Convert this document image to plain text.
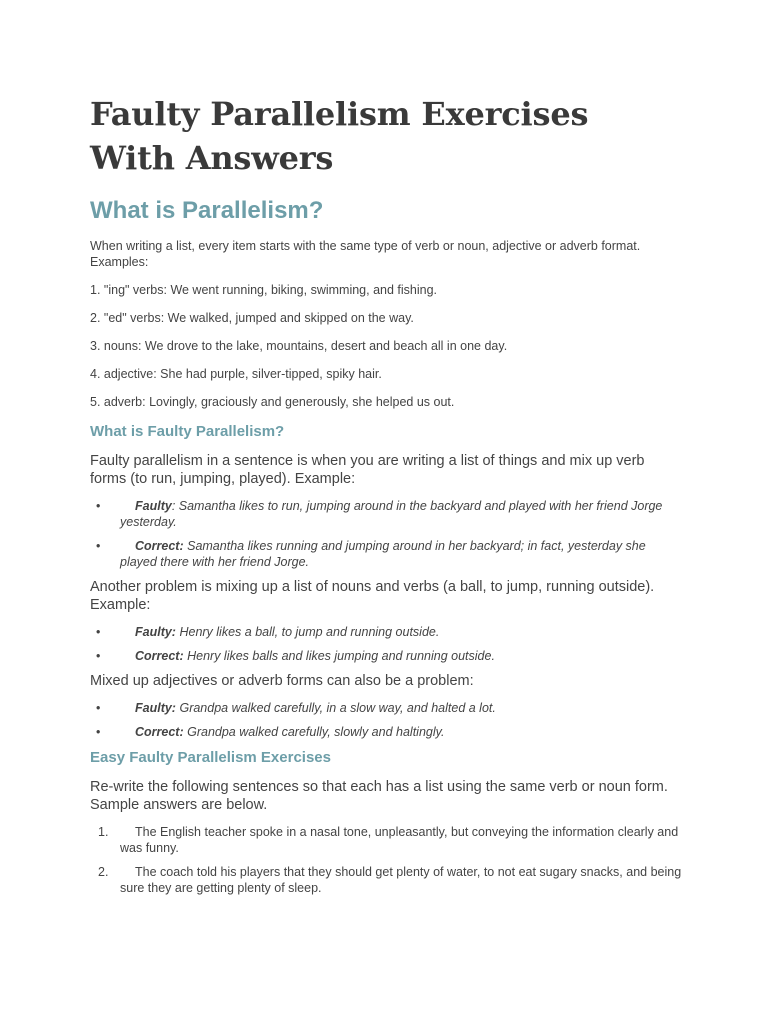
Faulty Parallelism Exercises With Answers
What is Parallelism?

When writing a list, every item starts with the same type of verb or noun, adjective or adverb format. Examples:

1. "ing" verbs: We went running, biking, swimming, and fishing.

2. "ed" verbs: We walked, jumped and skipped on the way.

3. nouns: We drove to the lake, mountains, desert and beach all in one day.

4. adjective: She had purple, silver-tipped, spiky hair.

5. adverb: Lovingly, graciously and generously, she helped us out.

What is Faulty Parallelism?

Faulty parallelism in a sentence is when you are writing a list of things and mix up verb forms (to run, jumping, played). Example:

•	Faulty: Samantha likes to run, jumping around in the backyard and played with her friend Jorge yesterday.
•	Correct: Samantha likes running and jumping around in her backyard; in fact, yesterday she played there with her friend Jorge.

Another problem is mixing up a list of nouns and verbs (a ball, to jump, running outside). Example:

•	Faulty: Henry likes a ball, to jump and running outside.
•	Correct: Henry likes balls and likes jumping and running outside.

Mixed up adjectives or adverb forms can also be a problem:

•	Faulty: Grandpa walked carefully, in a slow way, and halted a lot.
•	Correct: Grandpa walked carefully, slowly and haltingly.
Easy Faulty Parallelism Exercises

Re-write the following sentences so that each has a list using the same verb or noun form. Sample answers are below.

1. The English teacher spoke in a nasal tone, unpleasantly, but conveying the information clearly and was funny.
2. The coach told his players that they should get plenty of water, to not eat sugary snacks, and being sure they are getting plenty of sleep.
